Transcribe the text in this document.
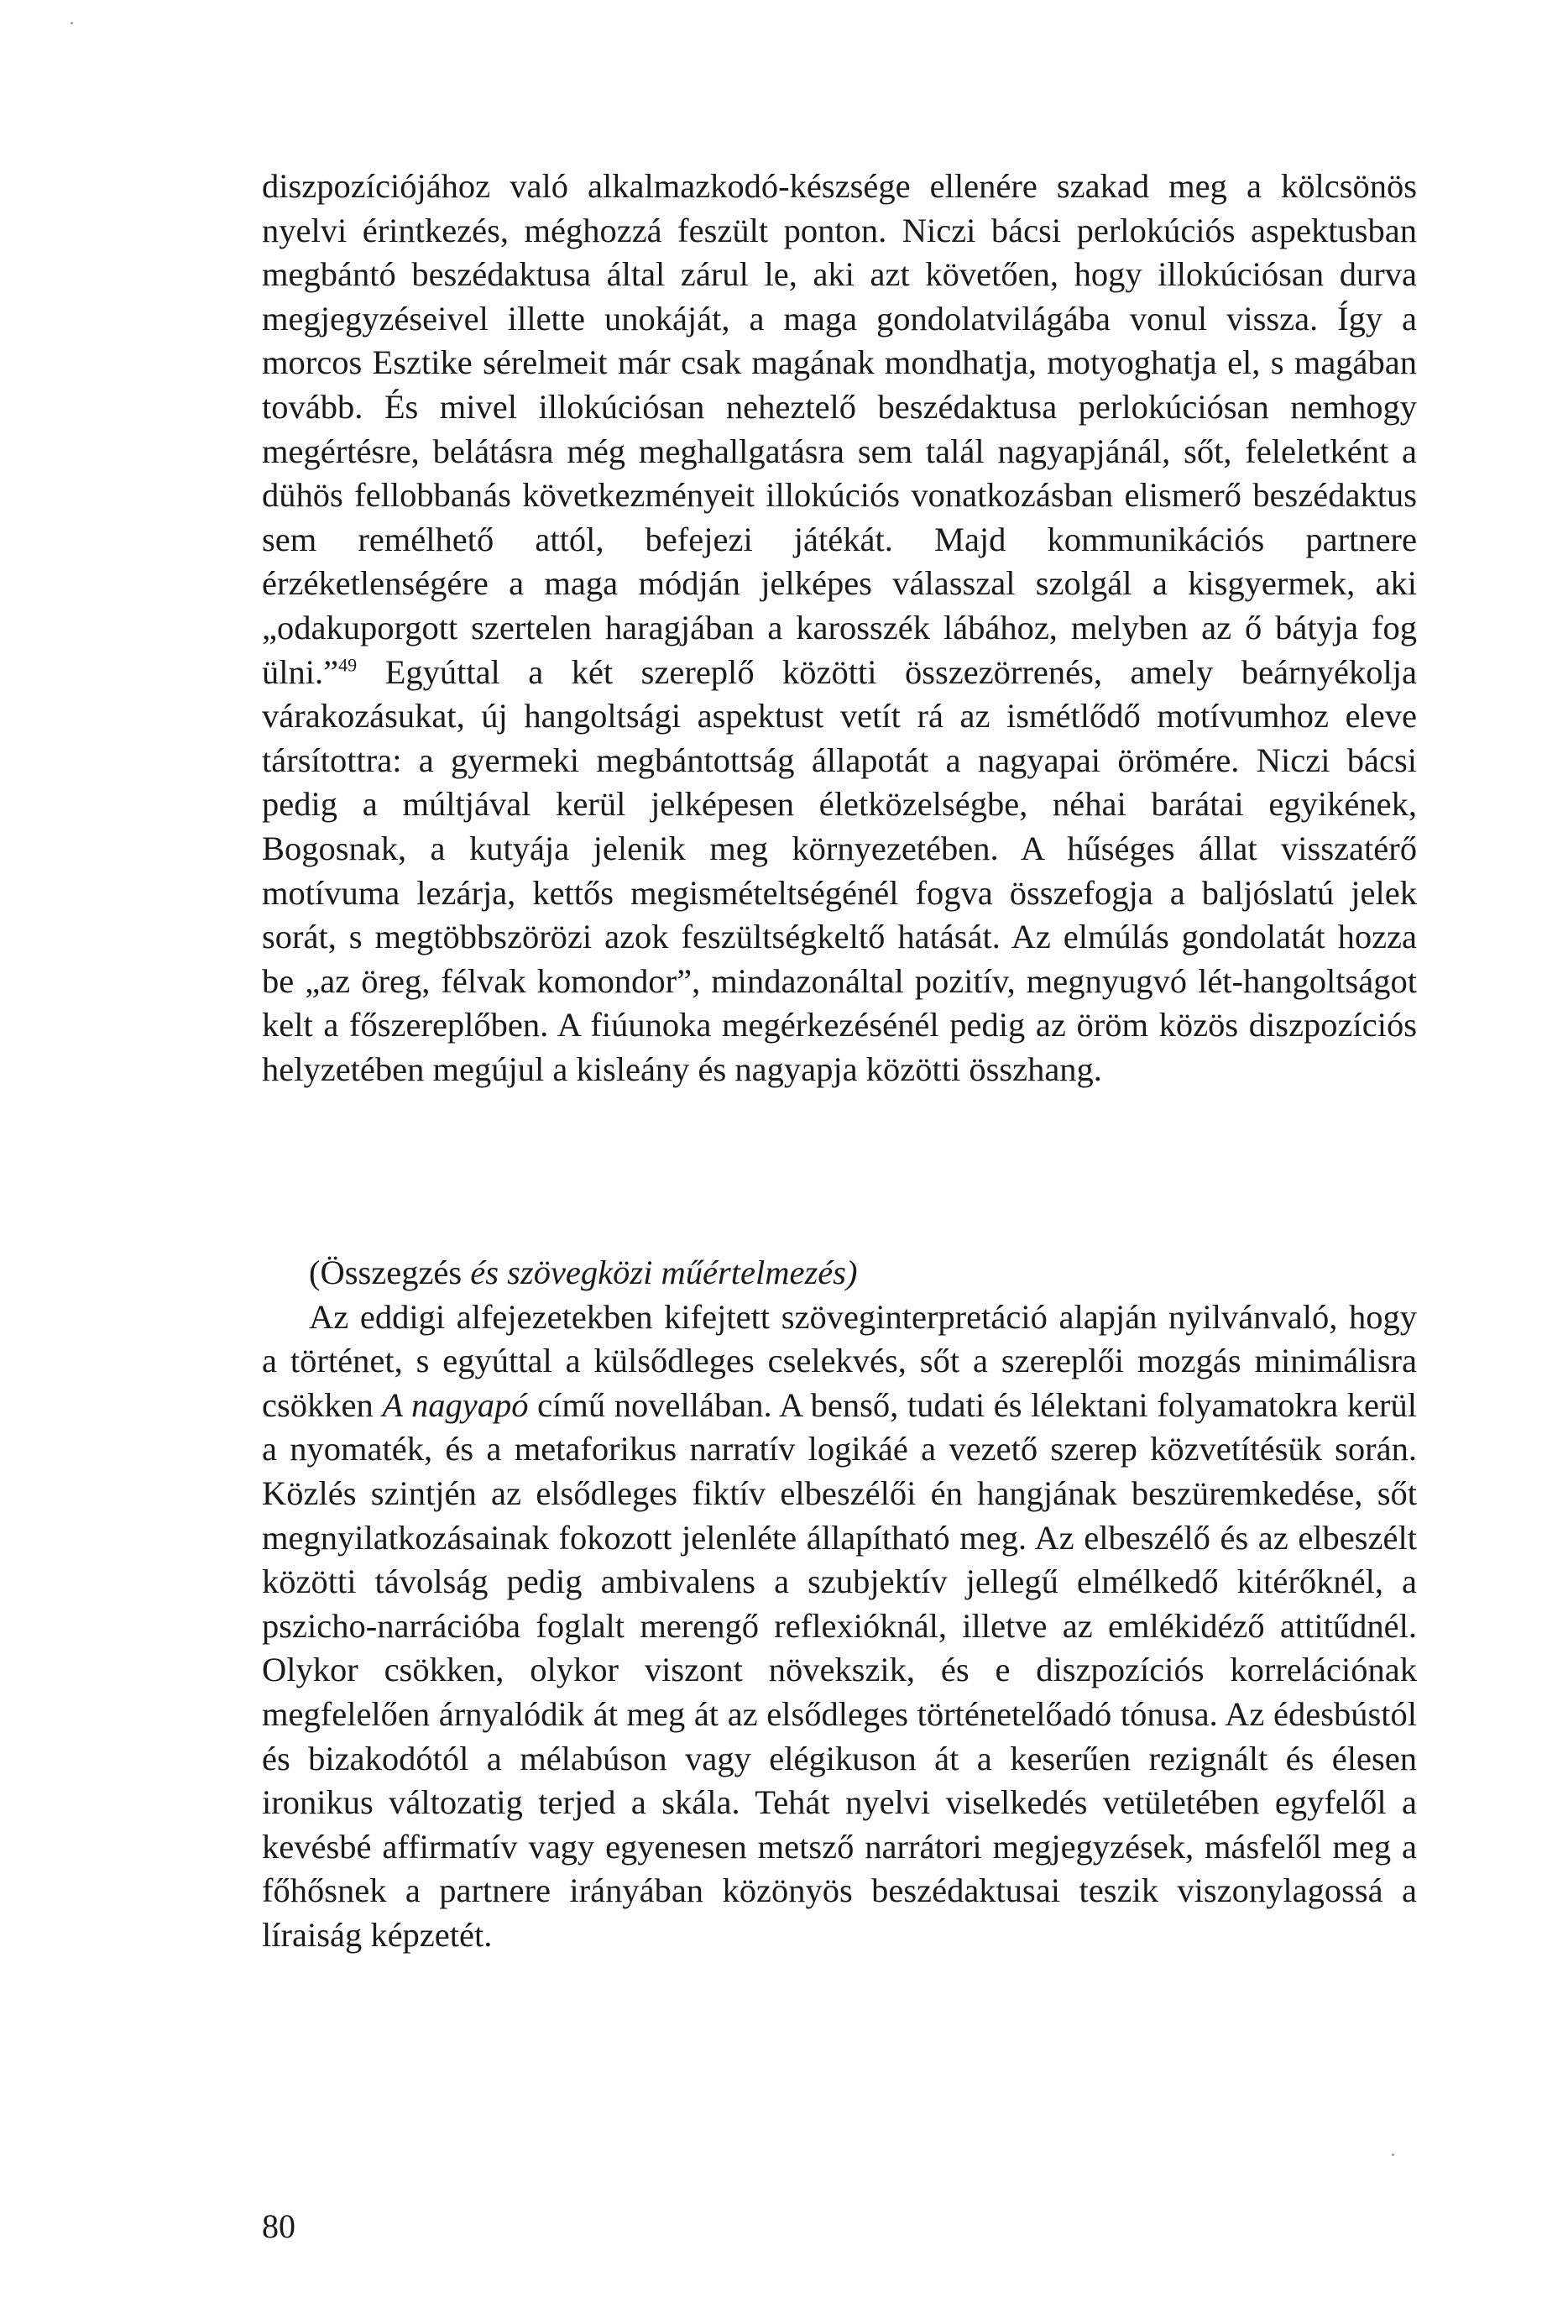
diszpozíciójához való alkalmazkodó-készsége ellenére szakad meg a kölcsönös nyelvi érintkezés, méghozzá feszült ponton. Niczi bácsi perlokúciós aspektusban megbántó beszédaktusa által zárul le, aki azt követően, hogy illokúciósan durva megjegyzéseivel illette unokáját, a maga gondolatvilágába vonul vissza. Így a morcos Esztike sérelmeit már csak magának mondhatja, motyoghatja el, s magában tovább. És mivel illokúciósan neheztelő beszédaktusa perlokúciósan nemhogy megértésre, belátásra még meghallgatásra sem talál nagyapjánál, sőt, feleletként a dühös fellobbanás következményeit illokúciós vonatkozásban elismerő beszédaktus sem remélhető attól, befejezi játékát. Majd kommunikációs partnere érzéketlenségére a maga módján jelképes válasszal szolgál a kisgyermek, aki „odakuporgott szertelen haragjában a karosszék lábához, melyben az ő bátyja fog ülni.”$^{49}$ Egyúttal a két szereplő közötti összezörrenés, amely beárnyékolja várakozásukat, új hangoltsági aspektust vetít rá az ismétlődő motívumhoz eleve társítottra: a gyermeki megbántottság állapotát a nagyapai örömére. Niczi bácsi pedig a múltjával kerül jelképesen életközelségbe, néhai barátai egyikének, Bogosnak, a kutyája jelenik meg környezetében. A hűséges állat visszatérő motívuma lezárja, kettős megismételtségénél fogva összefogja a baljóslatú jelek sorát, s megtöbbszörözi azok feszültségkeltő hatását. Az elmúlás gondolatát hozza be „az öreg, félvak komondor”, mindazonáltal pozitív, megnyugvó lét-hangoltságot kelt a főszereplőben. A fiúunoka megérkezésénél pedig az öröm közös diszpozíciós helyzetében megújul a kisleány és nagyapja közötti összhang.
(Összegzés és szövegközi műértelmezés)
Az eddigi alfejezetekben kifejtett szöveginterpretáció alapján nyilvánvaló, hogy a történet, s egyúttal a külsődleges cselekvés, sőt a szereplői mozgás minimálisra csökken A nagyapó című novellában. A benső, tudati és lélektani folyamatokra kerül a nyomaték, és a metaforikus narratív logikáé a vezető szerep közvetítésük során. Közlés szintjén az elsődleges fiktív elbeszélői én hangjának beszüremkedése, sőt megnyilatkozásainak fokozott jelenléte állapítható meg. Az elbeszélő és az elbeszélt közötti távolság pedig ambivalens a szubjektív jellegű elmélkedő kitérőknél, a pszicho-narrációba foglalt merengő reflexióknál, illetve az emlékidéző attitűdnél. Olykor csökken, olykor viszont növekszik, és e diszpozíciós korrelációnak megfelelően árnyalódik át meg át az elsődleges történetelőadó tónusa. Az édesbústól és bizakodótól a mélabúson vagy elégikuson át a keserűen rezignált és élesen ironikus változatig terjed a skála. Tehát nyelvi viselkedés vetületében egyfelől a kevésbé affirmatív vagy egyenesen metsző narrátori megjegyzések, másfelől meg a főhősnek a partnere irányában közönyös beszédaktusai teszik viszonylagossá a líraiság képzetét.
80
